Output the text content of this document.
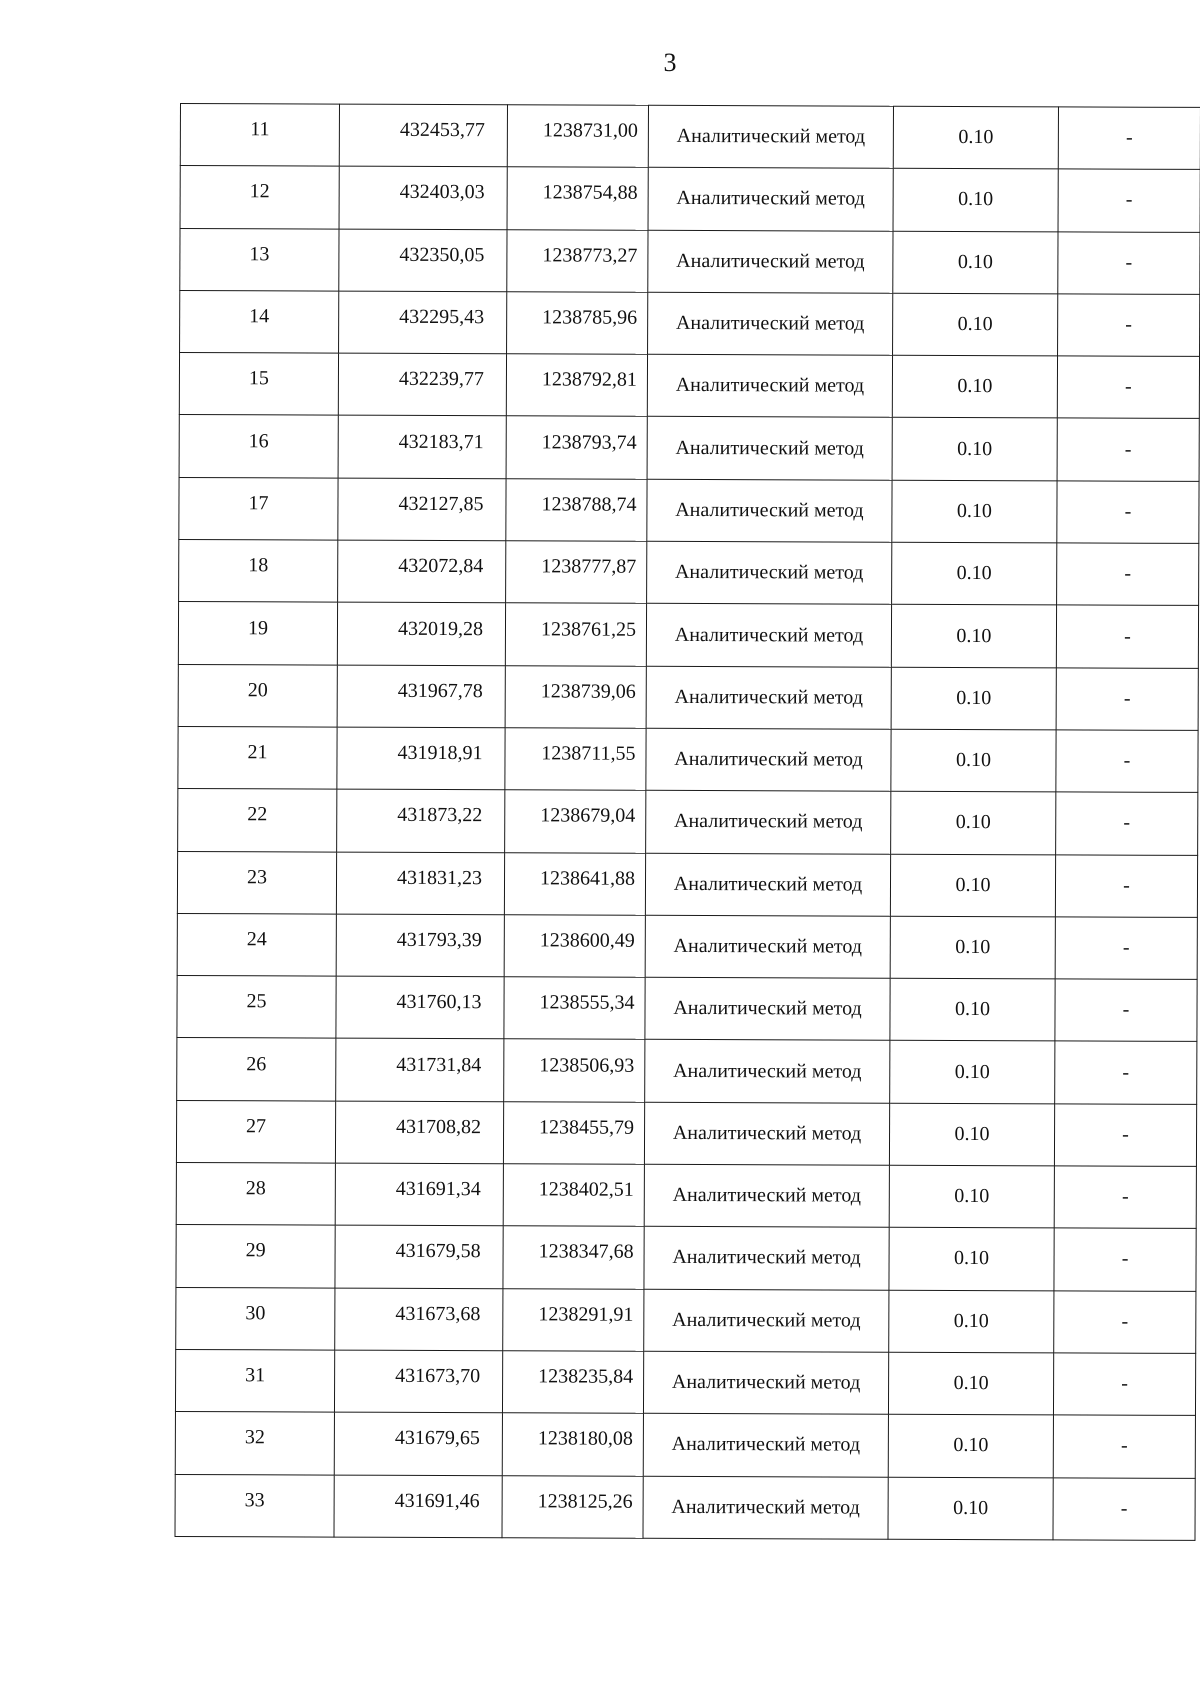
3
11	432453,77	1238731,00	Аналитический метод	0.10	-
12	432403,03	1238754,88	Аналитический метод	0.10	-
13	432350,05	1238773,27	Аналитический метод	0.10	-
14	432295,43	1238785,96	Аналитический метод	0.10	-
15	432239,77	1238792,81	Аналитический метод	0.10	-
16	432183,71	1238793,74	Аналитический метод	0.10	-
17	432127,85	1238788,74	Аналитический метод	0.10	-
18	432072,84	1238777,87	Аналитический метод	0.10	-
19	432019,28	1238761,25	Аналитический метод	0.10	-
20	431967,78	1238739,06	Аналитический метод	0.10	-
21	431918,91	1238711,55	Аналитический метод	0.10	-
22	431873,22	1238679,04	Аналитический метод	0.10	-
23	431831,23	1238641,88	Аналитический метод	0.10	-
24	431793,39	1238600,49	Аналитический метод	0.10	-
25	431760,13	1238555,34	Аналитический метод	0.10	-
26	431731,84	1238506,93	Аналитический метод	0.10	-
27	431708,82	1238455,79	Аналитический метод	0.10	-
28	431691,34	1238402,51	Аналитический метод	0.10	-
29	431679,58	1238347,68	Аналитический метод	0.10	-
30	431673,68	1238291,91	Аналитический метод	0.10	-
31	431673,70	1238235,84	Аналитический метод	0.10	-
32	431679,65	1238180,08	Аналитический метод	0.10	-
33	431691,46	1238125,26	Аналитический метод	0.10	-
